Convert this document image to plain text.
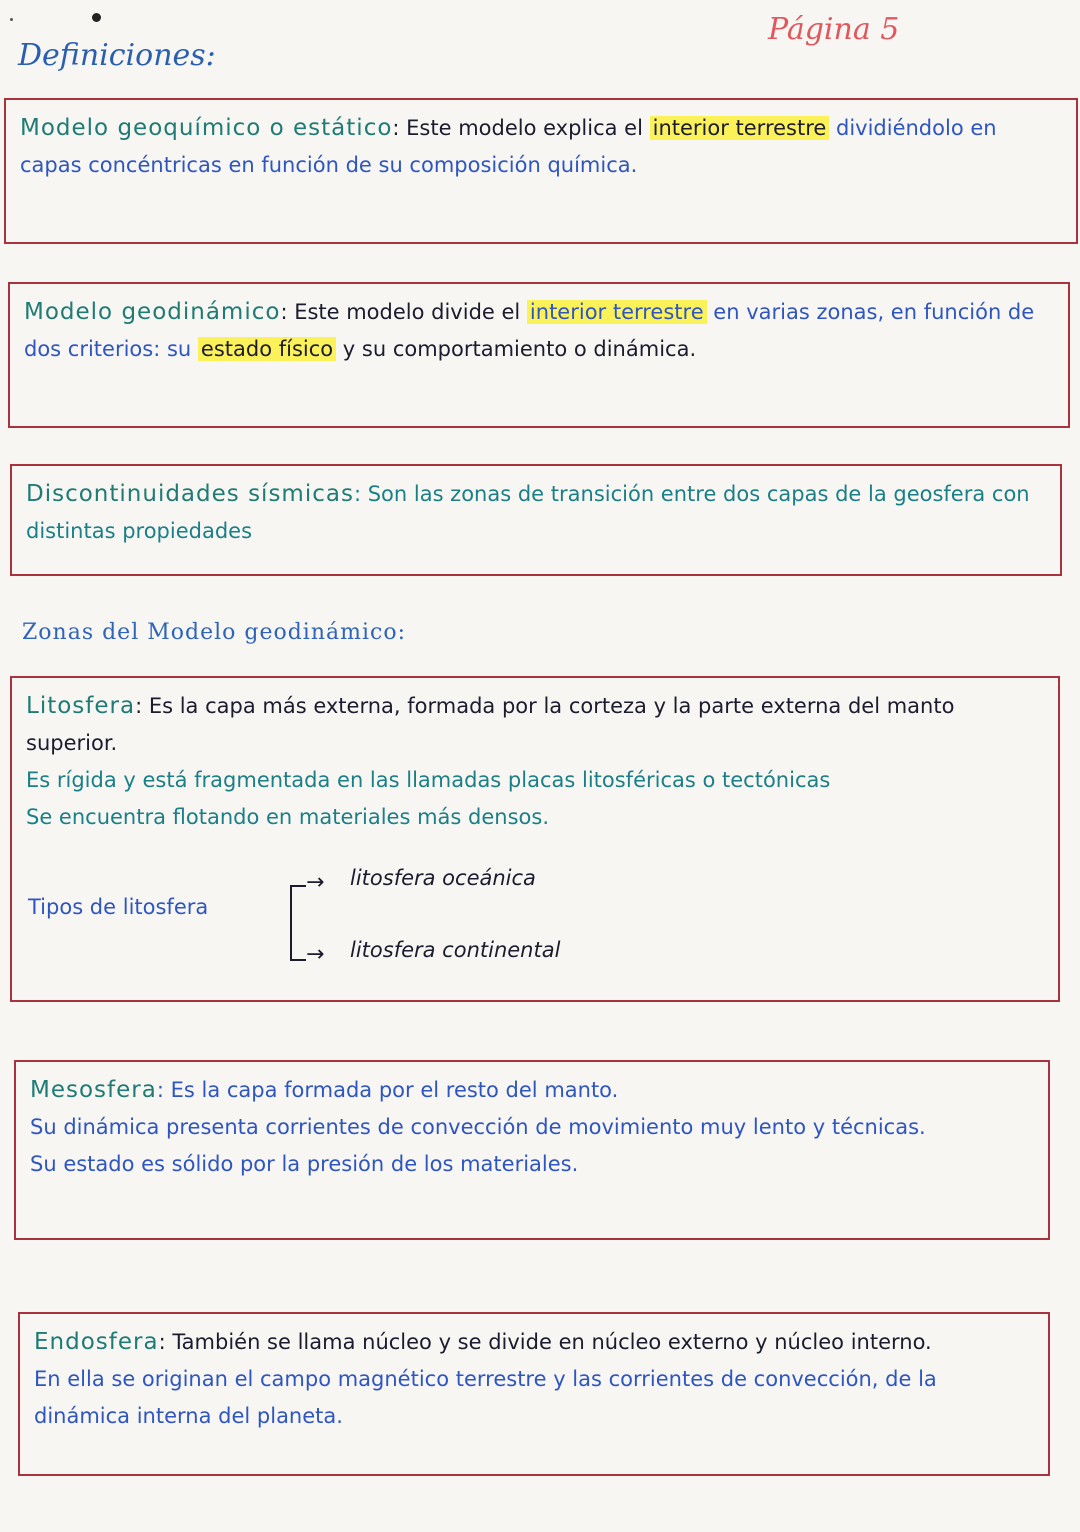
Página 5
Definiciones:

Modelo geoquímico o estático: Este modelo explica el interior terrestre dividiéndolo en capas concéntricas en función de su composición química.

Modelo geodinámico: Este modelo divide el interior terrestre en varias zonas, en función de dos criterios: su estado físico y su comportamiento o dinámica.

Discontinuidades sísmicas: Son las zonas de transición entre dos capas de la geosfera con distintas propiedades

Zonas del Modelo geodinámico:

Litosfera: Es la capa más externa, formada por la corteza y la parte externa del manto superior.

Es rígida y está fragmentada en las llamadas placas litosféricas o tectónicas

Se encuentra flotando en materiales más densos.

Tipos de litosfera
→
→
litosfera oceánica
litosfera continental

Mesosfera: Es la capa formada por el resto del manto.

Su dinámica presenta corrientes de convección de movimiento muy lento y técnicas.

Su estado es sólido por la presión de los materiales.

Endosfera: También se llama núcleo y se divide en núcleo externo y núcleo interno.

En ella se originan el campo magnético terrestre y las corrientes de convección, de la dinámica interna del planeta.
